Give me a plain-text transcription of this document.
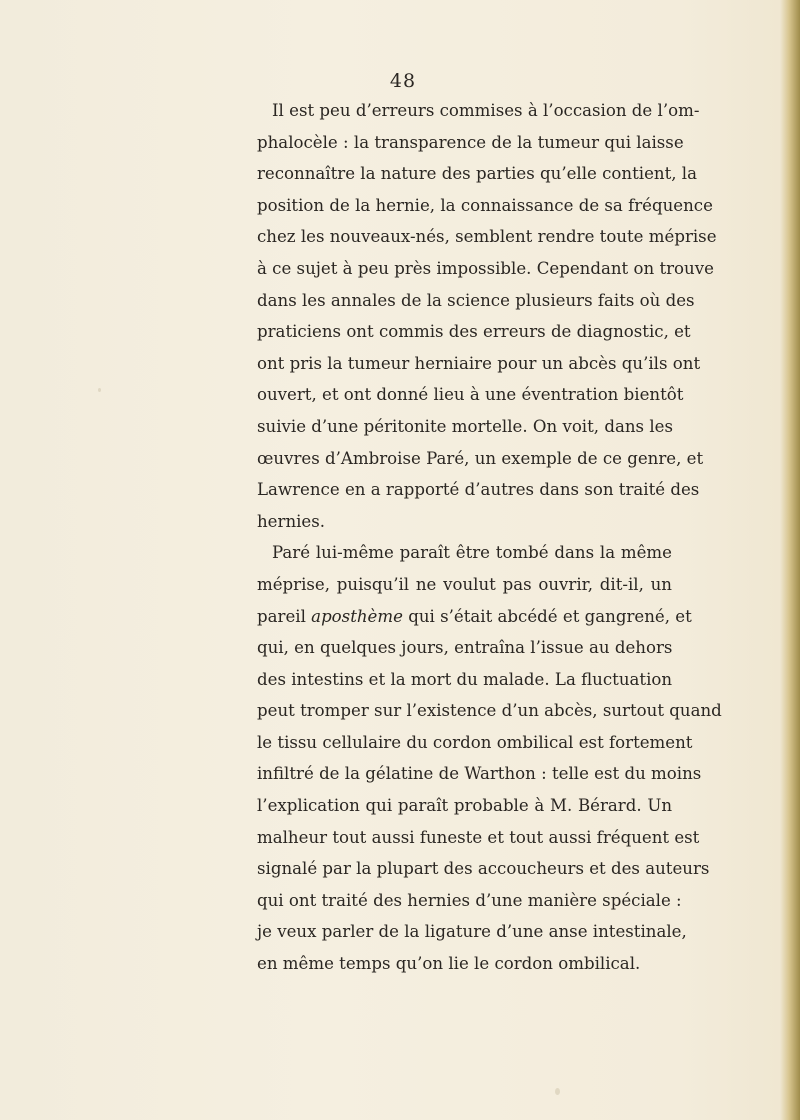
48
Il est peu d’erreurs commises à l’occasion de l’om-
phalocèle : la transparence de la tumeur qui laisse
reconnaître la nature des parties qu’elle contient, la
position de la hernie, la connaissance de sa fréquence
chez les nouveaux-nés, semblent rendre toute méprise
à ce sujet à peu près impossible. Cependant on trouve
dans les annales de la science plusieurs faits où des
praticiens ont commis des erreurs de diagnostic, et
ont pris la tumeur herniaire pour un abcès qu’ils ont
ouvert, et ont donné lieu à une éventration bientôt
suivie d’une péritonite mortelle. On voit, dans les
œuvres d’Ambroise Paré, un exemple de ce genre, et
Lawrence en a rapporté d’autres dans son traité des
hernies.
Paré lui-même paraît être tombé dans la même
méprise, puisqu’il ne voulut pas ouvrir, dit-il, un
pareil aposthème qui s’était abcédé et gangrené, et
qui, en quelques jours, entraîna l’issue au dehors
des intestins et la mort du malade. La fluctuation
peut tromper sur l’existence d’un abcès, surtout quand
le tissu cellulaire du cordon ombilical est fortement
infiltré de la gélatine de Warthon : telle est du moins
l’explication qui paraît probable à M. Bérard. Un
malheur tout aussi funeste et tout aussi fréquent est
signalé par la plupart des accoucheurs et des auteurs
qui ont traité des hernies d’une manière spéciale :
je veux parler de la ligature d’une anse intestinale,
en même temps qu’on lie le cordon ombilical.
